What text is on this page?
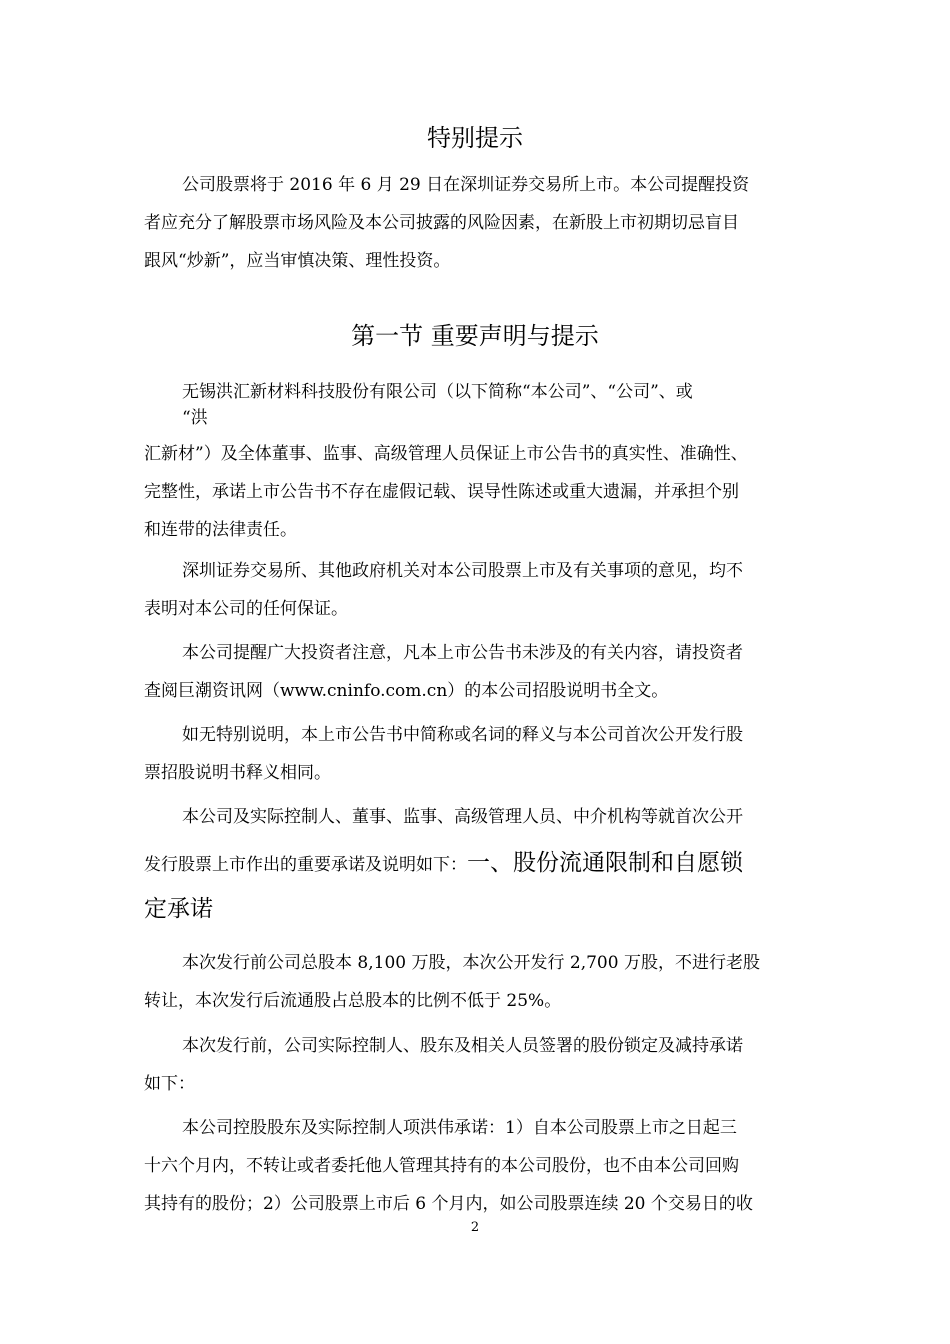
特别提示
公司股票将于 2016 年 6 月 29 日在深圳证券交易所上市。本公司提醒投资
者应充分了解股票市场风险及本公司披露的风险因素，在新股上市初期切忌盲目
跟风“炒新”，应当审慎决策、理性投资。
第一节 重要声明与提示
无锡洪汇新材料科技股份有限公司（以下简称“本公司”、“公司”、或
“洪
汇新材”）及全体董事、监事、高级管理人员保证上市公告书的真实性、准确性、
完整性，承诺上市公告书不存在虚假记载、误导性陈述或重大遗漏，并承担个别
和连带的法律责任。
深圳证券交易所、其他政府机关对本公司股票上市及有关事项的意见，均不
表明对本公司的任何保证。
本公司提醒广大投资者注意，凡本上市公告书未涉及的有关内容，请投资者
查阅巨潮资讯网（www.cninfo.com.cn）的本公司招股说明书全文。
如无特别说明，本上市公告书中简称或名词的释义与本公司首次公开发行股
票招股说明书释义相同。
本公司及实际控制人、董事、监事、高级管理人员、中介机构等就首次公开
发行股票上市作出的重要承诺及说明如下：一、股份流通限制和自愿锁
定承诺
本次发行前公司总股本 8,100 万股，本次公开发行 2,700 万股，不进行老股
转让，本次发行后流通股占总股本的比例不低于 25%。
本次发行前，公司实际控制人、股东及相关人员签署的股份锁定及减持承诺
如下：
本公司控股股东及实际控制人项洪伟承诺：1）自本公司股票上市之日起三
十六个月内，不转让或者委托他人管理其持有的本公司股份，也不由本公司回购
其持有的股份；2）公司股票上市后 6 个月内，如公司股票连续 20 个交易日的收
2
